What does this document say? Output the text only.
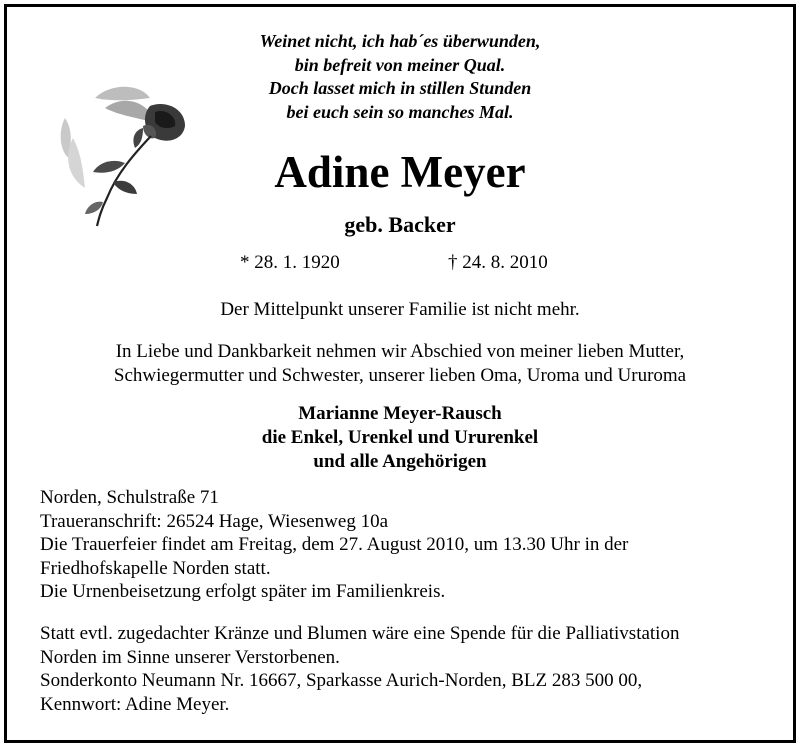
Weinet nicht, ich hab´es überwunden,
bin befreit von meiner Qual.
Doch lasset mich in stillen Stunden
bei euch sein so manches Mal.
Adine Meyer
geb. Backer
* 28. 1. 1920	† 24. 8. 2010
Der Mittelpunkt unserer Familie ist nicht mehr.
In Liebe und Dankbarkeit nehmen wir Abschied von meiner lieben Mutter,
Schwiegermutter und Schwester, unserer lieben Oma, Uroma und Ururoma
Marianne Meyer-Rausch
die Enkel, Urenkel und Ururenkel
und alle Angehörigen
Norden, Schulstraße 71
Traueranschrift: 26524 Hage, Wiesenweg 10a
Die Trauerfeier findet am Freitag, dem 27. August 2010, um 13.30 Uhr in der
Friedhofskapelle Norden statt.
Die Urnenbeisetzung erfolgt später im Familienkreis.
Statt evtl. zugedachter Kränze und Blumen wäre eine Spende für die Palliativstation
Norden im Sinne unserer Verstorbenen.
Sonderkonto Neumann Nr. 16667, Sparkasse Aurich-Norden, BLZ 283 500 00,
Kennwort: Adine Meyer.
